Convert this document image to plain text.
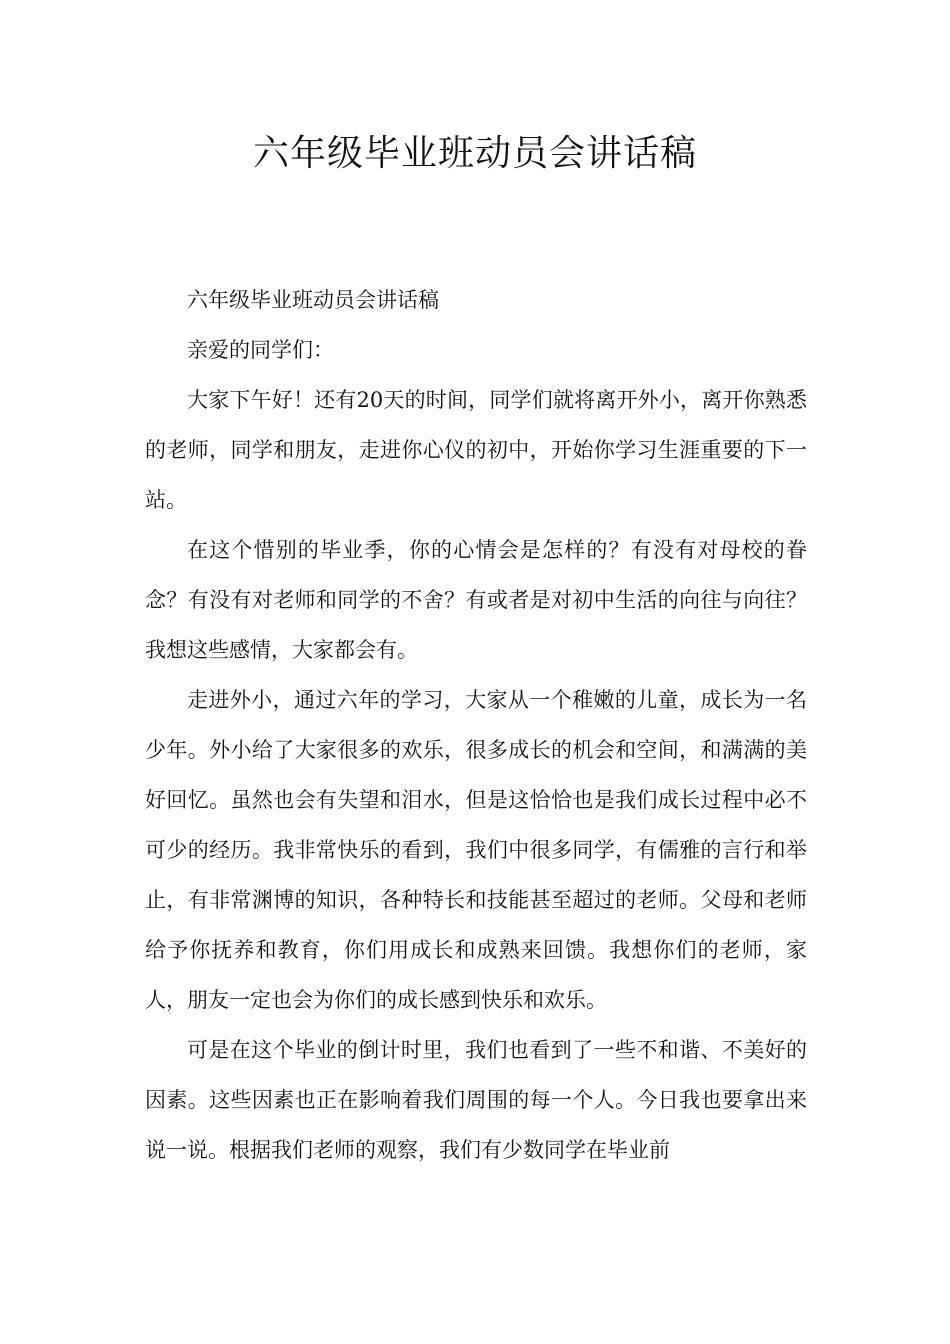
六年级毕业班动员会讲话稿

六年级毕业班动员会讲话稿

亲爱的同学们：

大家下午好！还有20天的时间，同学们就将离开外小，离开你熟悉的老师，同学和朋友，走进你心仪的初中，开始你学习生涯重要的下一站。

在这个惜别的毕业季，你的心情会是怎样的？有没有对母校的眷念？有没有对老师和同学的不舍？有或者是对初中生活的向往与向往？我想这些感情，大家都会有。

走进外小，通过六年的学习，大家从一个稚嫩的儿童，成长为一名少年。外小给了大家很多的欢乐，很多成长的机会和空间，和满满的美好回忆。虽然也会有失望和泪水，但是这恰恰也是我们成长过程中必不可少的经历。我非常快乐的看到，我们中很多同学，有儒雅的言行和举止，有非常渊博的知识，各种特长和技能甚至超过的老师。父母和老师给予你抚养和教育，你们用成长和成熟来回馈。我想你们的老师，家人，朋友一定也会为你们的成长感到快乐和欢乐。

可是在这个毕业的倒计时里，我们也看到了一些不和谐、不美好的因素。这些因素也正在影响着我们周围的每一个人。今日我也要拿出来说一说。根据我们老师的观察，我们有少数同学在毕业前
